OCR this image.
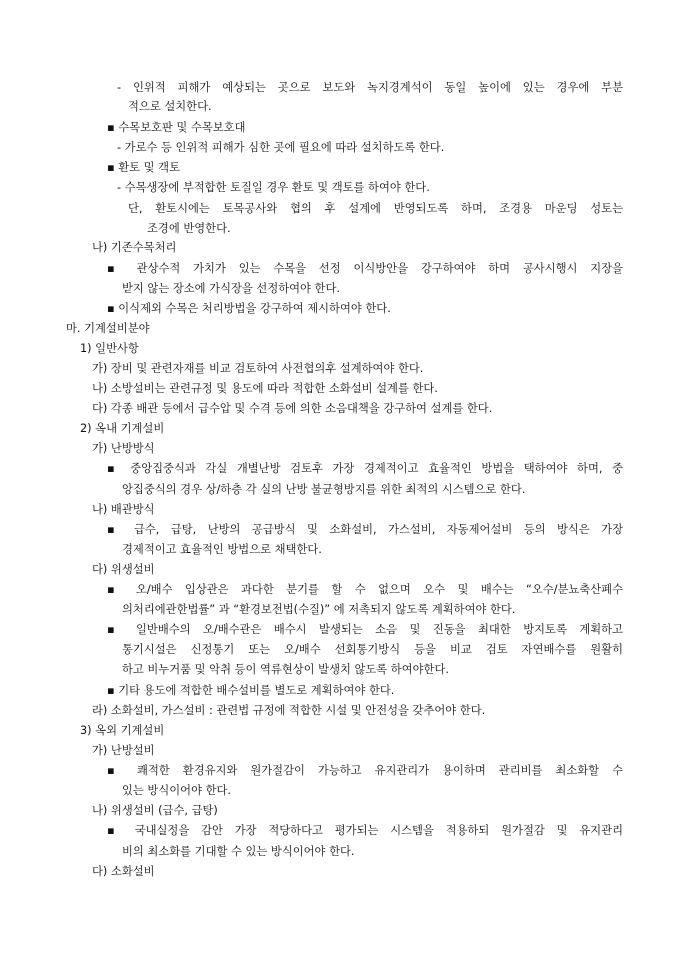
- 인위적 피해가 예상되는 곳으로 보도와 녹지경계석이 동일 높이에 있는 경우에 부분
적으로 설치한다.
▪ 수목보호판 및 수목보호대
- 가로수 등 인위적 피해가 심한 곳에 필요에 따라 설치하도록 한다.
▪ 환토 및 객토
- 수목생장에 부적합한 토질일 경우 환토 및 객토를 하여야 한다.
단, 환토시에는 토목공사와 협의 후 설계에 반영되도록 하며, 조경용 마운딩 성토는
조경에 반영한다.
나) 기존수목처리
▪ 관상수적 가치가 있는 수목을 선정 이식방안을 강구하여야 하며 공사시행시 지장을
받지 않는 장소에 가식장을 선정하여야 한다.
▪ 이식제외 수목은 처리방법을 강구하여 제시하여야 한다.
마. 기계설비분야
1) 일반사항
가) 장비 및 관련자재를 비교 검토하여 사전협의후 설계하여야 한다.
나) 소방설비는 관련규정 및 용도에 따라 적합한 소화설비 설계를 한다.
다) 각종 배관 등에서 급수압 및 수격 등에 의한 소음대책을 강구하여 설계를 한다.
2) 옥내 기계설비
가) 난방방식
▪ 중앙집중식과 각실 개별난방 검토후 가장 경제적이고 효율적인 방법을 택하여야 하며, 중
앙집중식의 경우 상/하층 각 실의 난방 불균형방지를 위한 최적의 시스템으로 한다.
나) 배관방식
▪ 급수, 급탕, 난방의 공급방식 및 소화설비, 가스설비, 자동제어설비 등의 방식은 가장
경제적이고 효율적인 방법으로 채택한다.
다) 위생설비
▪ 오/배수 입상관은 과다한 분기를 할 수 없으며 오수 및 배수는 “오수/분뇨축산폐수
의처리에관한법률” 과 “환경보전법(수질)” 에 저촉되지 않도록 계획하여야 한다.
▪ 일반배수의 오/배수관은 배수시 발생되는 소음 및 진동을 최대한 방지토록 계획하고
통기시설은 신정통기 또는 오/배수 선회통기방식 등을 비교 검토 자연배수를 원활히
하고 비누거품 및 악취 등이 역류현상이 발생치 않도록 하여야한다.
▪ 기타 용도에 적합한 배수설비를 별도로 계획하여야 한다.
라) 소화설비, 가스설비 : 관련법 규정에 적합한 시설 및 안전성을 갖추어야 한다.
3) 옥외 기계설비
가) 난방설비
▪ 쾌적한 환경유지와 원가절감이 가능하고 유지관리가 용이하며 관리비를 최소화할 수
있는 방식이어야 한다.
나) 위생설비 (급수, 급탕)
▪ 국내실정을 감안 가장 적당하다고 평가되는 시스템을 적용하되 원가절감 및 유지관리
비의 최소화를 기대할 수 있는 방식이어야 한다.
다) 소화설비
